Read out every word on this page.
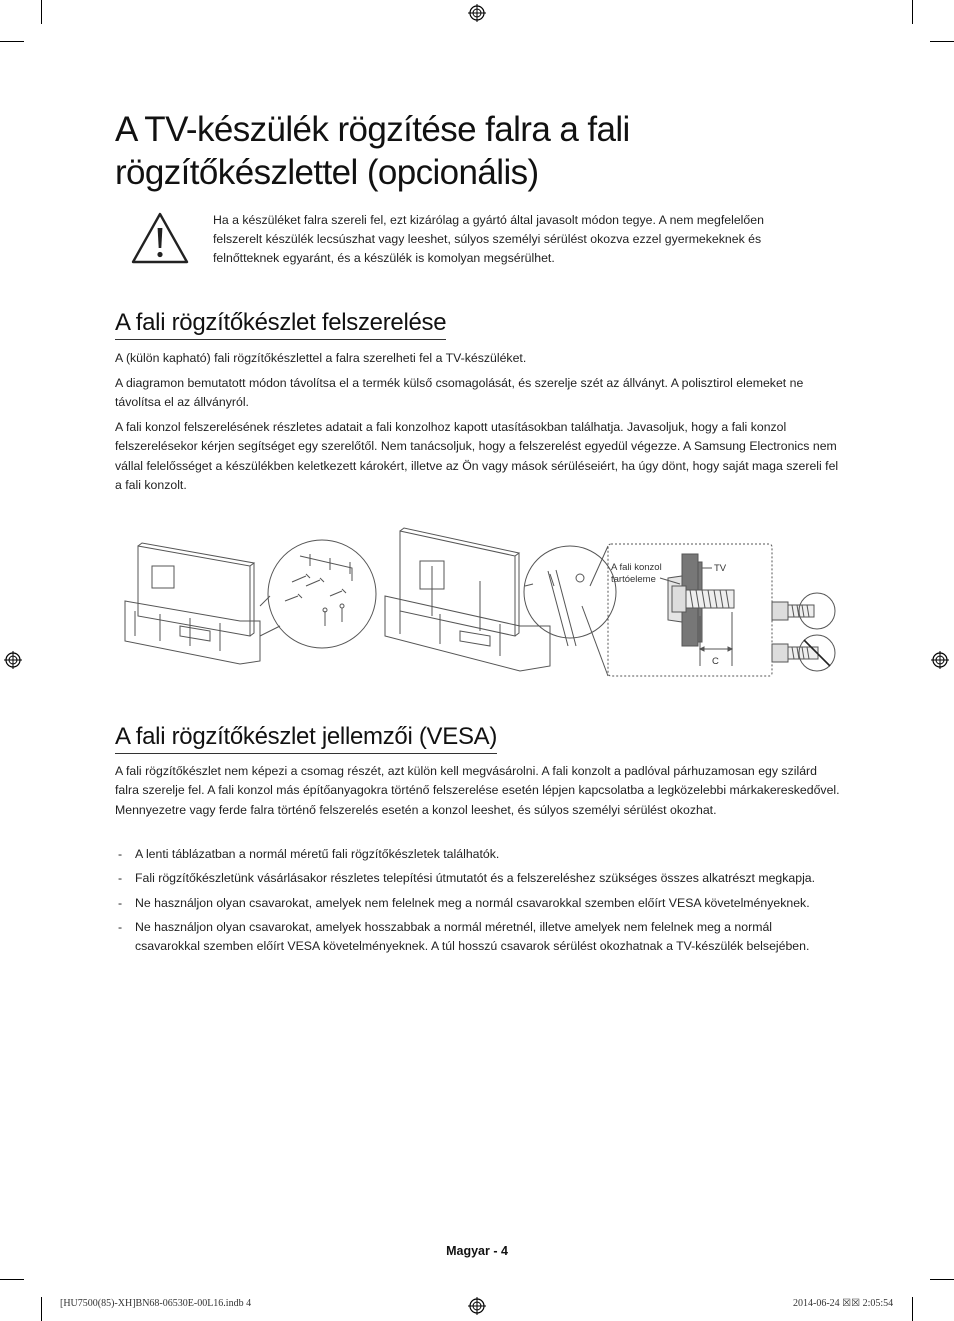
A TV-készülék rögzítése falra a fali rögzítőkészlettel (opcionális)

Ha a készüléket falra szereli fel, ezt kizárólag a gyártó által javasolt módon tegye. A nem megfelelően felszerelt készülék lecsúszhat vagy leeshet, súlyos személyi sérülést okozva ezzel gyermekeknek és felnőtteknek egyaránt, és a készülék is komolyan megsérülhet.

A fali rögzítőkészlet felszerelése

A (külön kapható) fali rögzítőkészlettel a falra szerelheti fel a TV-készüléket.

A diagramon bemutatott módon távolítsa el a termék külső csomagolását, és szerelje szét az állványt. A polisztirol elemeket ne távolítsa el az állványról.

A fali konzol felszerelésének részletes adatait a fali konzolhoz kapott utasításokban találhatja. Javasoljuk, hogy a fali konzol felszerelésekor kérjen segítséget egy szerelőtől. Nem tanácsoljuk, hogy a felszerelést egyedül végezze. A Samsung Electronics nem vállal felelősséget a készülékben keletkezett károkért, illetve az Ön vagy mások sérüléseiért, ha úgy dönt, hogy saját maga szereli fel a fali konzolt.

A fali konzol tartóeleme
TV
C
A fali rögzítőkészlet jellemzői (VESA)

A fali rögzítőkészlet nem képezi a csomag részét, azt külön kell megvásárolni. A fali konzolt a padlóval párhuzamosan egy szilárd falra szerelje fel. A fali konzol más építőanyagokra történő felszerelése esetén lépjen kapcsolatba a legközelebbi márkakereskedővel. Mennyezetre vagy ferde falra történő felszerelés esetén a konzol leeshet, és súlyos személyi sérülést okozhat.

- A lenti táblázatban a normál méretű fali rögzítőkészletek találhatók.
- Fali rögzítőkészletünk vásárlásakor részletes telepítési útmutatót és a felszereléshez szükséges összes alkatrészt megkapja.
- Ne használjon olyan csavarokat, amelyek nem felelnek meg a normál csavarokkal szemben előírt VESA követelményeknek.
- Ne használjon olyan csavarokat, amelyek hosszabbak a normál méretnél, illetve amelyek nem felelnek meg a normál csavarokkal szemben előírt VESA követelményeknek. A túl hosszú csavarok sérülést okozhatnak a TV-készülék belsejében.
Magyar - 4
[HU7500(85)-XH]BN68-06530E-00L16.indb 4	2014-06-24 ☒☒ 2:05:54
